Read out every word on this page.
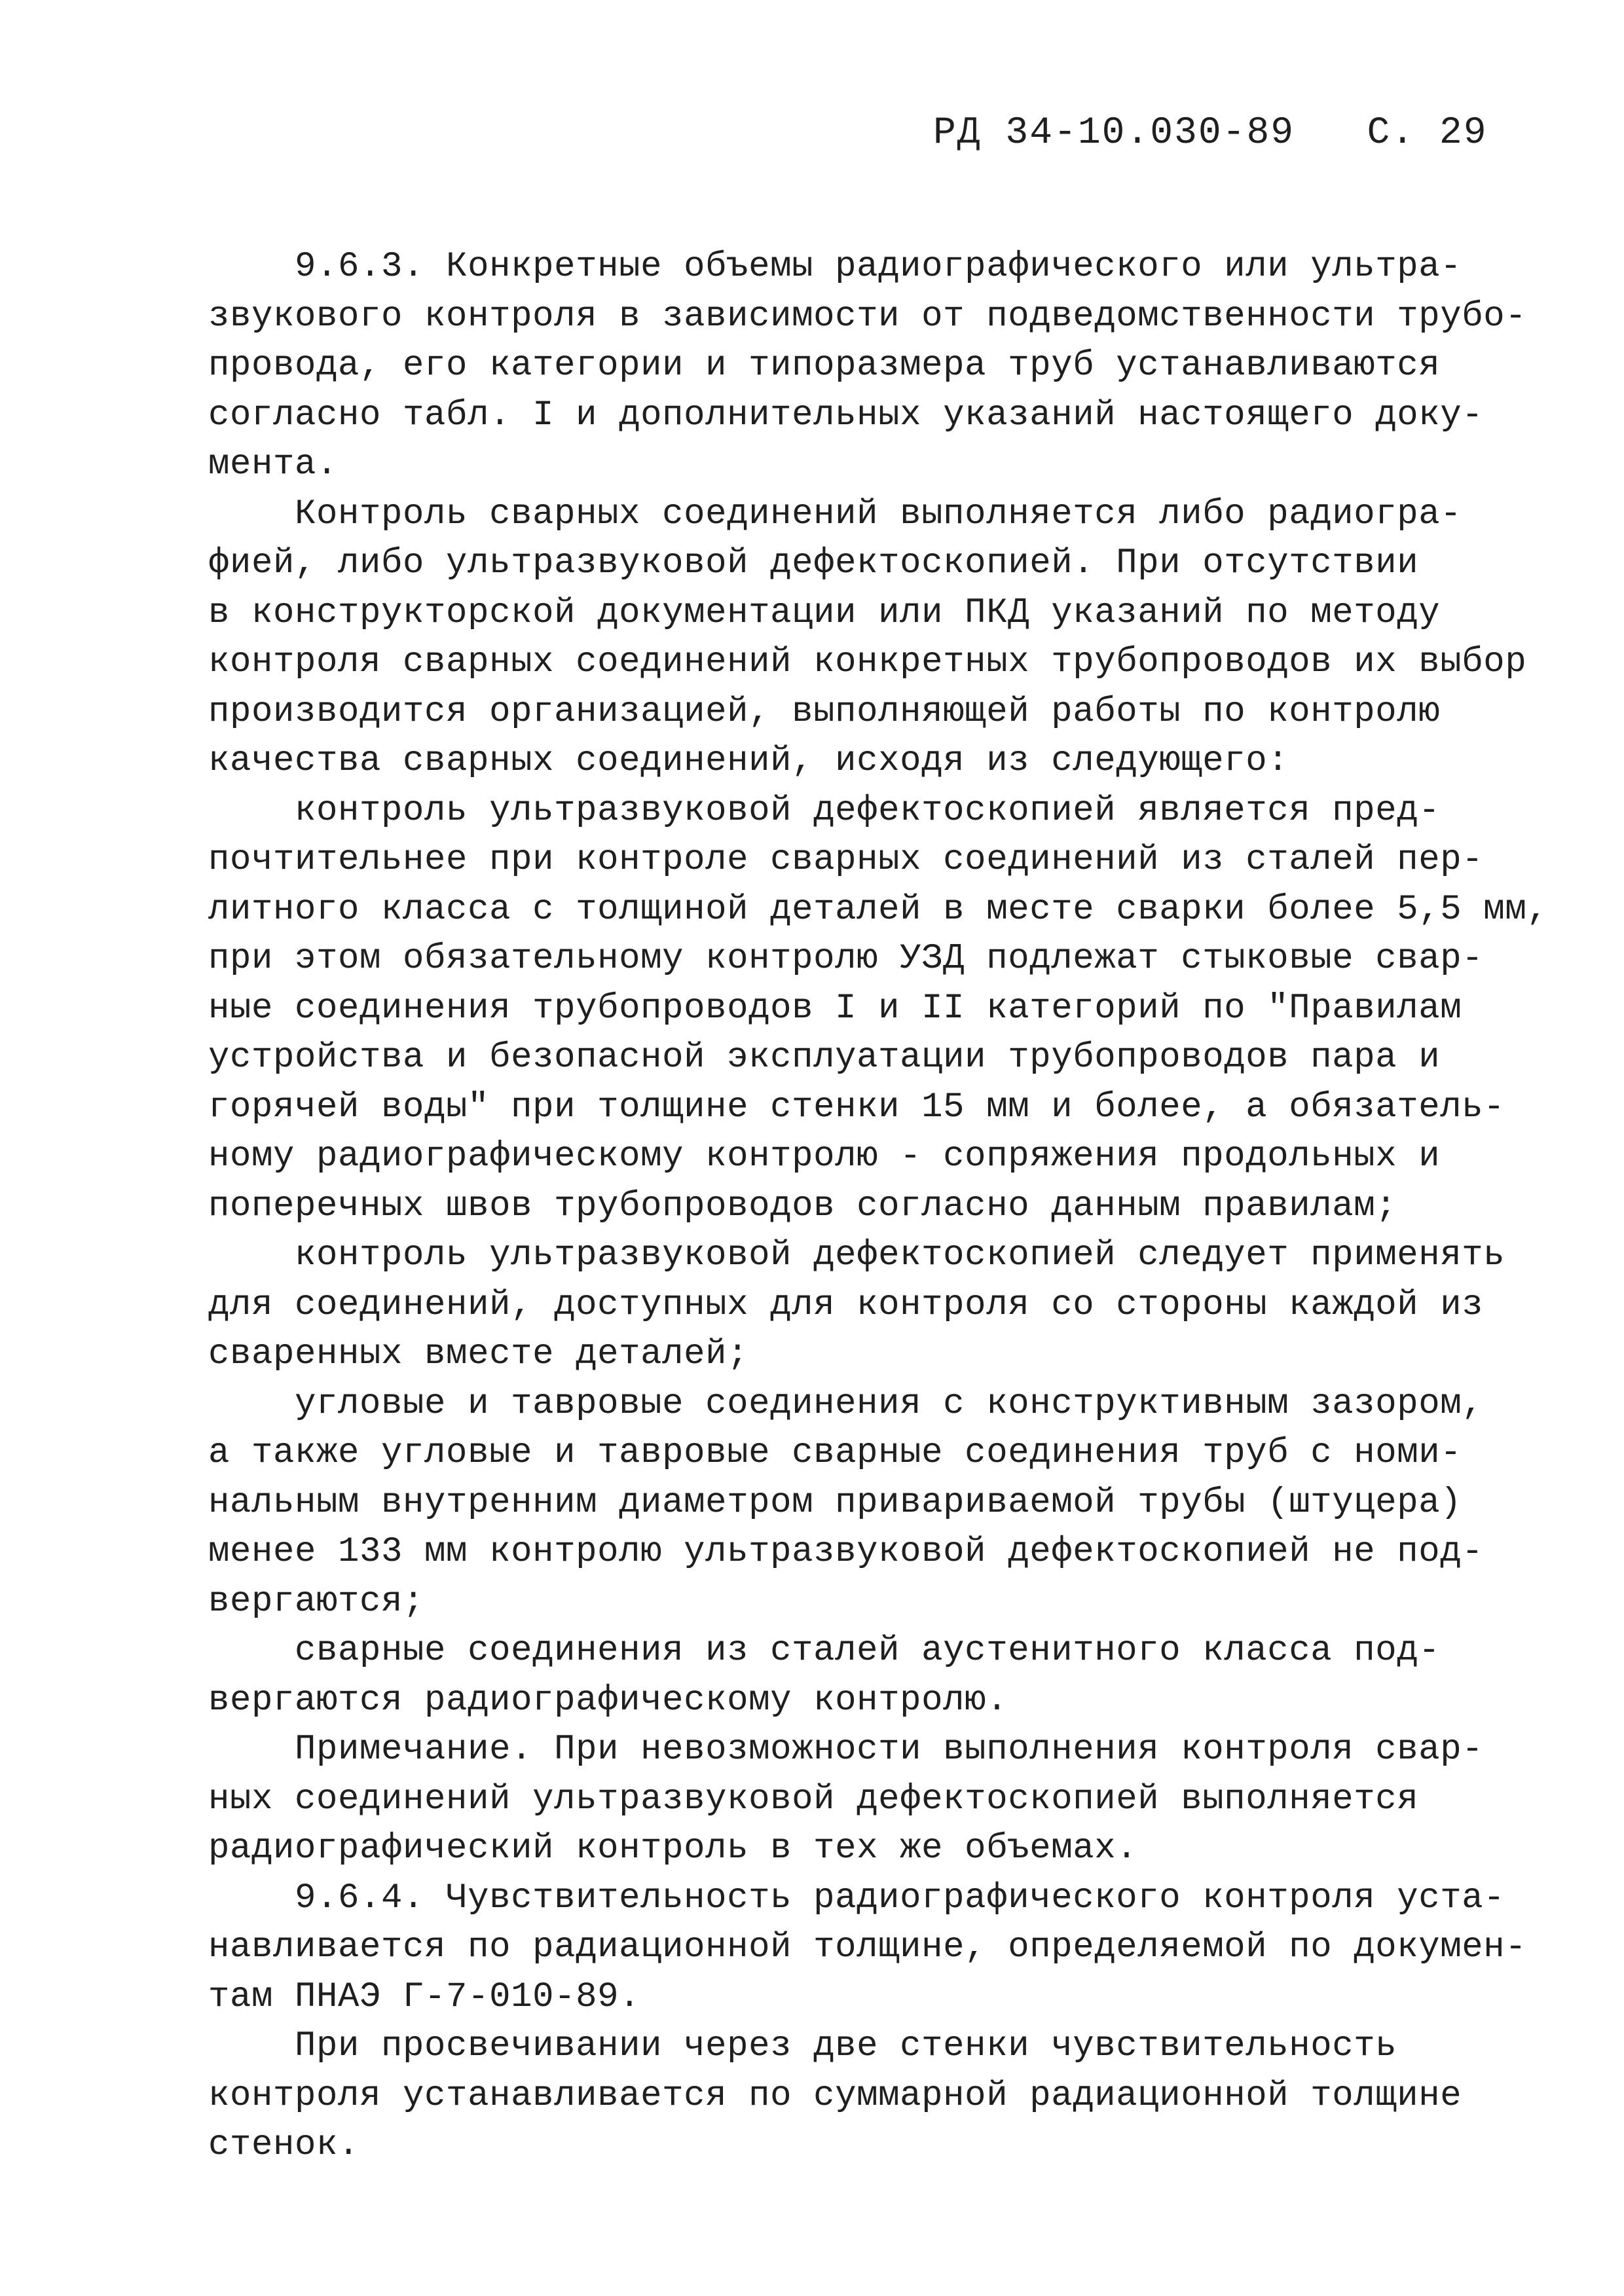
РД 34-10.030-89 С. 29

9.6.3. Конкретные объемы радиографического или ультра-

звукового контроля в зависимости от подведомственности трубо-

провода, его категории и типоразмера труб устанавливаются

согласно табл. I и дополнительных указаний настоящего доку-

мента.

Контроль сварных соединений выполняется либо радиогра-

фией, либо ультразвуковой дефектоскопией. При отсутствии

в конструкторской документации или ПКД указаний по методу

контроля сварных соединений конкретных трубопроводов их выбор

производится организацией, выполняющей работы по контролю

качества сварных соединений, исходя из следующего:

контроль ультразвуковой дефектоскопией является пред-

почтительнее при контроле сварных соединений из сталей пер-

литного класса с толщиной деталей в месте сварки более 5,5 мм,

при этом обязательному контролю УЗД подлежат стыковые свар-

ные соединения трубопроводов I и II категорий по "Правилам

устройства и безопасной эксплуатации трубопроводов пара и

горячей воды" при толщине стенки 15 мм и более, а обязатель-

ному радиографическому контролю - сопряжения продольных и

поперечных швов трубопроводов согласно данным правилам;

контроль ультразвуковой дефектоскопией следует применять

для соединений, доступных для контроля со стороны каждой из

сваренных вместе деталей;

угловые и тавровые соединения с конструктивным зазором,

а также угловые и тавровые сварные соединения труб с номи-

нальным внутренним диаметром привариваемой трубы (штуцера)

менее 133 мм контролю ультразвуковой дефектоскопией не под-

вергаются;

сварные соединения из сталей аустенитного класса под-

вергаются радиографическому контролю.

Примечание. При невозможности выполнения контроля свар-

ных соединений ультразвуковой дефектоскопией выполняется

радиографический контроль в тех же объемах.

9.6.4. Чувствительность радиографического контроля уста-

навливается по радиационной толщине, определяемой по докумен-

там ПНАЭ Г-7-010-89.

При просвечивании через две стенки чувствительность

контроля устанавливается по суммарной радиационной толщине

стенок.
